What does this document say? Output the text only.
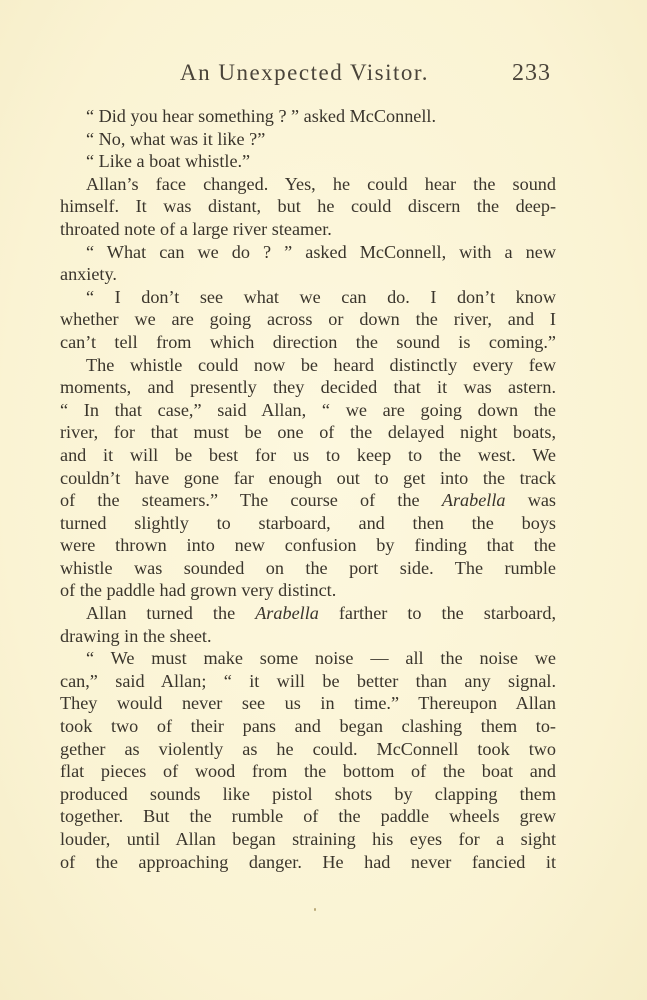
An Unexpected Visitor.	233
“ Did you hear something ? ” asked McConnell.
“ No, what was it like ?”
“ Like a boat whistle.”
Allan’s face changed. Yes, he could hear the sound
himself. It was distant, but he could discern the deep-
throated note of a large river steamer.
“ What can we do ? ” asked McConnell, with a new
anxiety.
“ I don’t see what we can do. I don’t know
whether we are going across or down the river, and I
can’t tell from which direction the sound is coming.”
The whistle could now be heard distinctly every few
moments, and presently they decided that it was astern.
“ In that case,” said Allan, “ we are going down the
river, for that must be one of the delayed night boats,
and it will be best for us to keep to the west. We
couldn’t have gone far enough out to get into the track
of the steamers.” The course of the Arabella was
turned slightly to starboard, and then the boys
were thrown into new confusion by finding that the
whistle was sounded on the port side. The rumble
of the paddle had grown very distinct.
Allan turned the Arabella farther to the starboard,
drawing in the sheet.
“ We must make some noise — all the noise we
can,” said Allan; “ it will be better than any signal.
They would never see us in time.” Thereupon Allan
took two of their pans and began clashing them to-
gether as violently as he could. McConnell took two
flat pieces of wood from the bottom of the boat and
produced sounds like pistol shots by clapping them
together. But the rumble of the paddle wheels grew
louder, until Allan began straining his eyes for a sight
of the approaching danger. He had never fancied it
